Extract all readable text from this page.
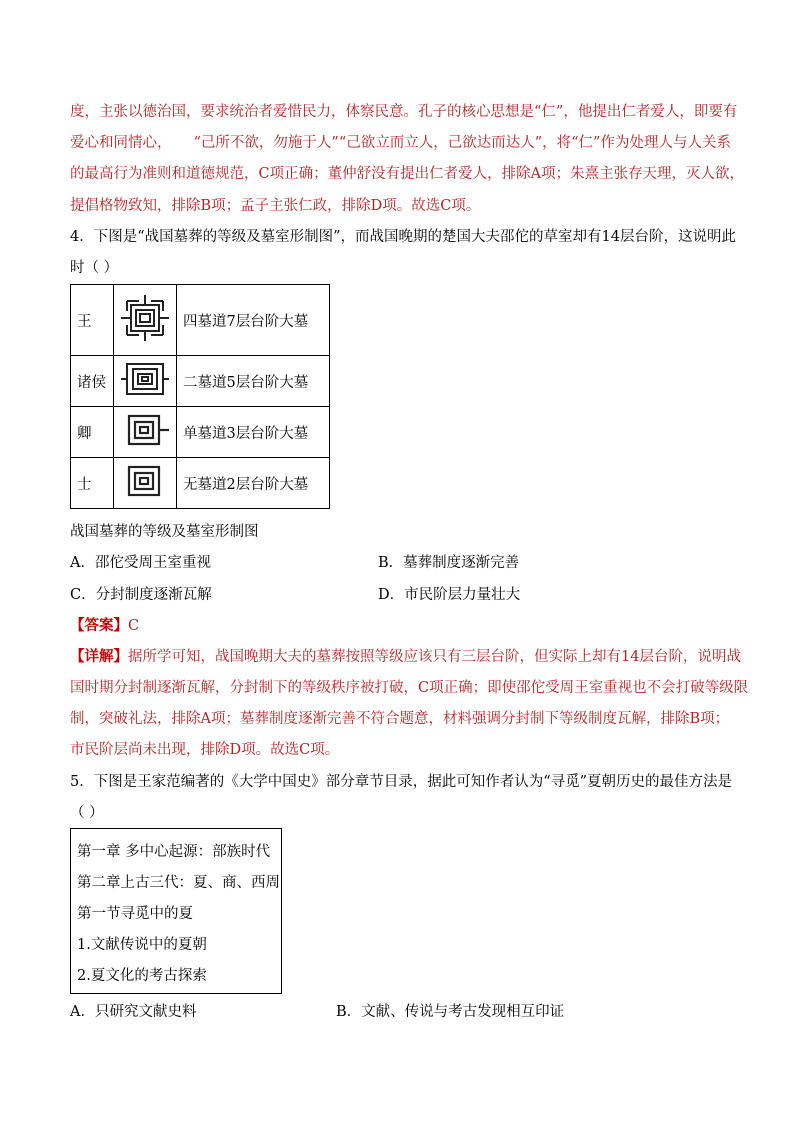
度，主张以德治国，要求统治者爱惜民力，体察民意。孔子的核心思想是“仁”，他提出仁者爱人，即要有
爱心和同情心， “己所不欲，勿施于人”“己欲立而立人，己欲达而达人”，将“仁”作为处理人与人关系
的最高行为准则和道德规范，C项正确；董仲舒没有提出仁者爱人，排除A项；朱熹主张存天理，灭人欲，
提倡格物致知，排除B项；孟子主张仁政，排除D项。故选C项。
4．下图是“战国墓葬的等级及墓室形制图”，而战国晚期的楚国大夫邵佗的草室却有14层台阶，这说明此
时（ ）
王		四墓道7层台阶大墓
诸侯		二墓道5层台阶大墓
卿		单墓道3层台阶大墓
士		无墓道2层台阶大墓
战国墓葬的等级及墓室形制图
A．邵佗受周王室重视	B．墓葬制度逐渐完善
C．分封制度逐渐瓦解	D．市民阶层力量壮大
【答案】C
【详解】据所学可知，战国晚期大夫的墓葬按照等级应该只有三层台阶，但实际上却有14层台阶，说明战
国时期分封制逐渐瓦解，分封制下的等级秩序被打破，C项正确；即使邵佗受周王室重视也不会打破等级限
制，突破礼法，排除A项；墓葬制度逐渐完善不符合题意，材料强调分封制下等级制度瓦解，排除B项；
市民阶层尚未出现，排除D项。故选C项。
5．下图是王家范编著的《大学中国史》部分章节目录，据此可知作者认为“寻觅”夏朝历史的最佳方法是
（ ）
第一章 多中心起源：部族时代
第二章上古三代：夏、商、西周
第一节寻觅中的夏
1.文献传说中的夏朝
2.夏文化的考古探索
A．只研究文献史料	B．文献、传说与考古发现相互印证
